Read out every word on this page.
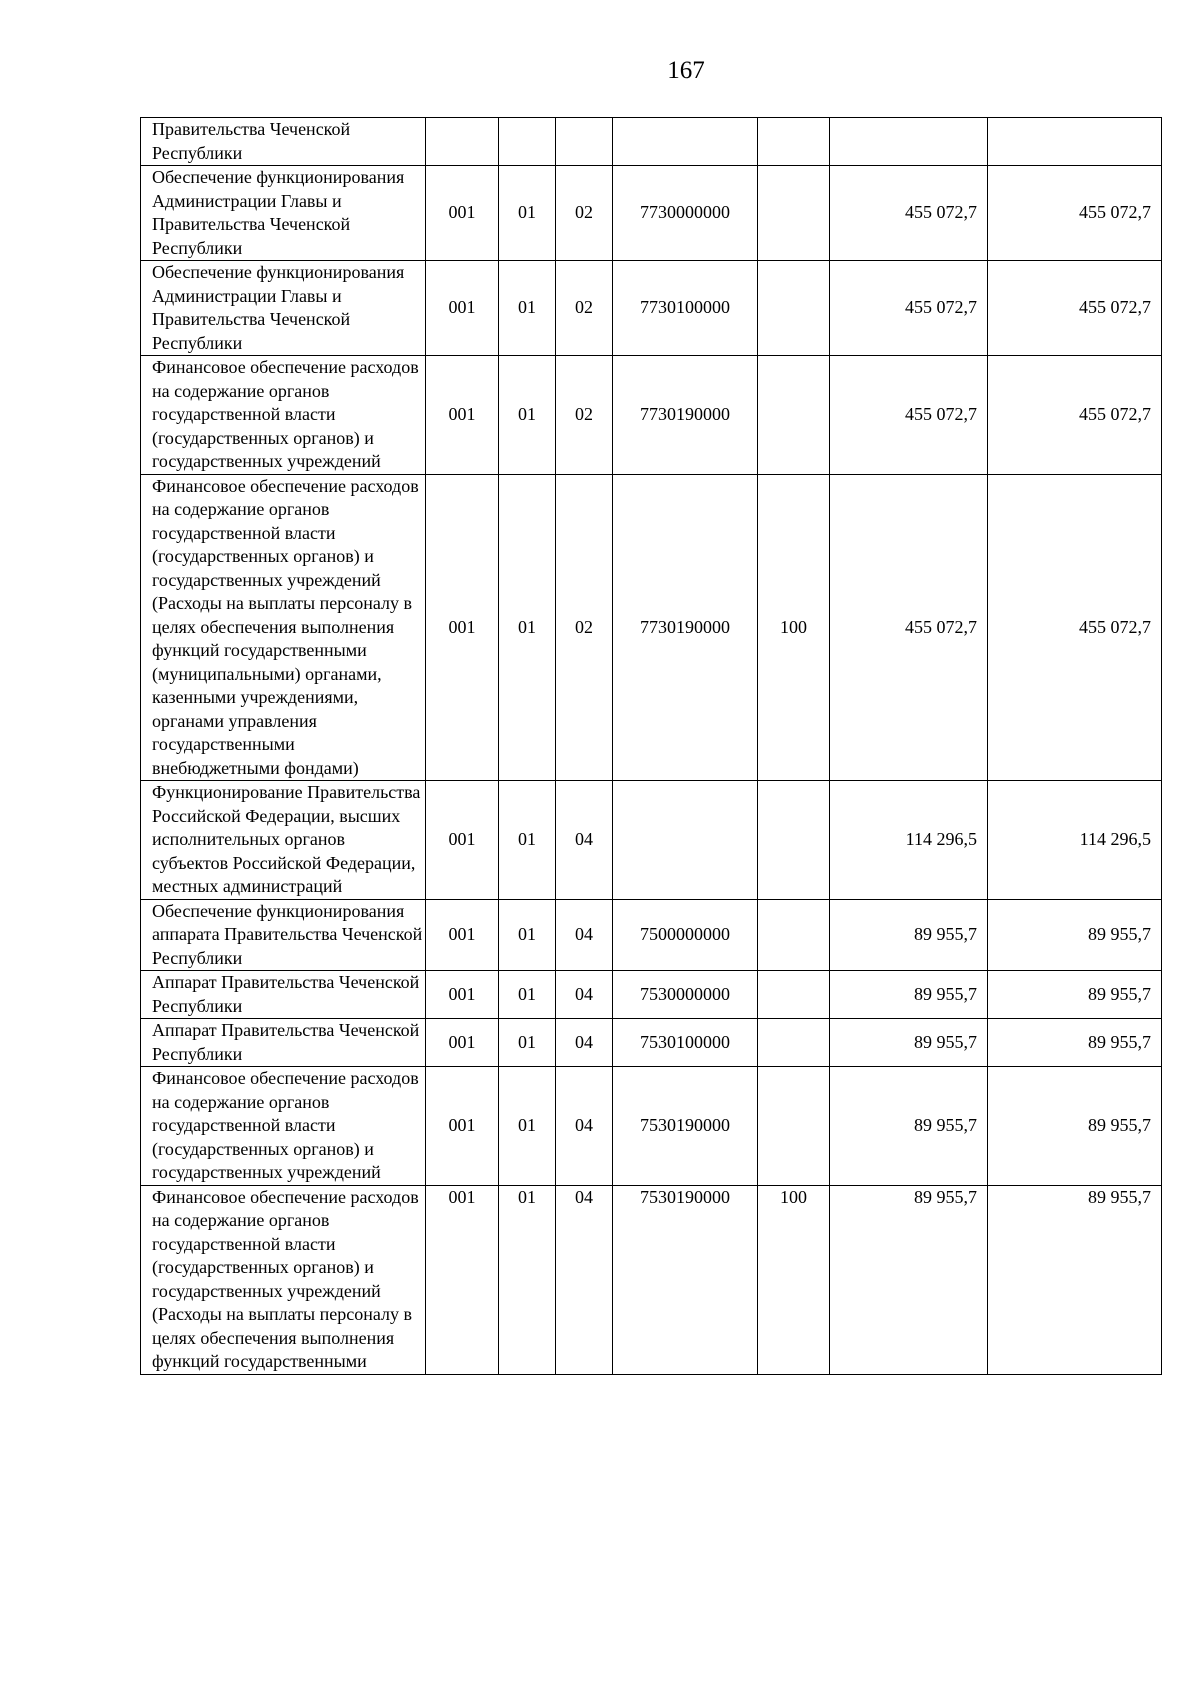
167
Правительства Чеченской Республики							
Обеспечение функционирования Администрации Главы и Правительства Чеченской Республики	001	01	02	7730000000		455 072,7	455 072,7
Обеспечение функционирования Администрации Главы и Правительства Чеченской Республики	001	01	02	7730100000		455 072,7	455 072,7
Финансовое обеспечение расходов на содержание органов государственной власти (государственных органов) и государственных учреждений	001	01	02	7730190000		455 072,7	455 072,7
Финансовое обеспечение расходов на содержание органов государственной власти (государственных органов) и государственных учреждений (Расходы на выплаты персоналу в целях обеспечения выполнения функций государственными (муниципальными) органами, казенными учреждениями, органами управления государственными внебюджетными фондами)	001	01	02	7730190000	100	455 072,7	455 072,7
Функционирование Правительства Российской Федерации, высших исполнительных органов субъектов Российской Федерации, местных администраций	001	01	04			114 296,5	114 296,5
Обеспечение функционирования аппарата Правительства Чеченской Республики	001	01	04	7500000000		89 955,7	89 955,7
Аппарат Правительства Чеченской Республики	001	01	04	7530000000		89 955,7	89 955,7
Аппарат Правительства Чеченской Республики	001	01	04	7530100000		89 955,7	89 955,7
Финансовое обеспечение расходов на содержание органов государственной власти (государственных органов) и государственных учреждений	001	01	04	7530190000		89 955,7	89 955,7
Финансовое обеспечение расходов на содержание органов государственной власти (государственных органов) и государственных учреждений (Расходы на выплаты персоналу в целях обеспечения выполнения функций государственными	001	01	04	7530190000	100	89 955,7	89 955,7
